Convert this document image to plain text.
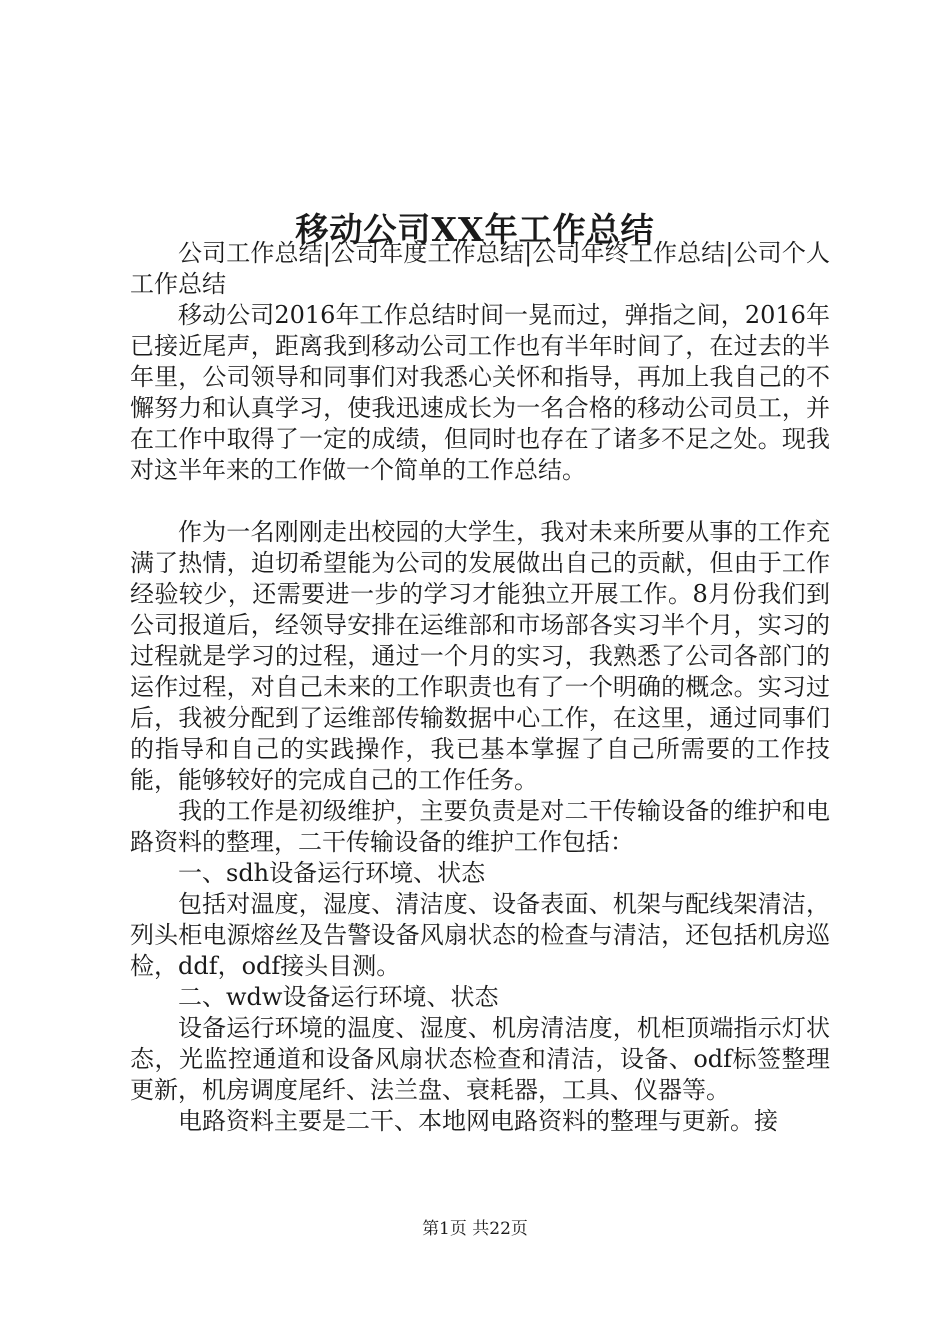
移动公司XX年工作总结

公司工作总结|公司年度工作总结|公司年终工作总结|公司个人工作总结

移动公司2016年工作总结时间一晃而过，弹指之间，2016年已接近尾声，距离我到移动公司工作也有半年时间了，在过去的半年里，公司领导和同事们对我悉心关怀和指导，再加上我自己的不懈努力和认真学习，使我迅速成长为一名合格的移动公司员工，并在工作中取得了一定的成绩，但同时也存在了诸多不足之处。现我对这半年来的工作做一个简单的工作总结。

作为一名刚刚走出校园的大学生，我对未来所要从事的工作充满了热情，迫切希望能为公司的发展做出自己的贡献，但由于工作经验较少，还需要进一步的学习才能独立开展工作。8月份我们到公司报道后，经领导安排在运维部和市场部各实习半个月，实习的过程就是学习的过程，通过一个月的实习，我熟悉了公司各部门的运作过程，对自己未来的工作职责也有了一个明确的概念。实习过后，我被分配到了运维部传输数据中心工作，在这里，通过同事们的指导和自己的实践操作，我已基本掌握了自己所需要的工作技能，能够较好的完成自己的工作任务。

我的工作是初级维护，主要负责是对二干传输设备的维护和电路资料的整理，二干传输设备的维护工作包括：

一、sdh设备运行环境、状态

包括对温度，湿度、清洁度、设备表面、机架与配线架清洁，列头柜电源熔丝及告警设备风扇状态的检查与清洁，还包括机房巡检，ddf，odf接头目测。

二、wdw设备运行环境、状态

设备运行环境的温度、湿度、机房清洁度，机柜顶端指示灯状态，光监控通道和设备风扇状态检查和清洁，设备、odf标签整理更新，机房调度尾纤、法兰盘、衰耗器，工具、仪器等。

电路资料主要是二干、本地网电路资料的整理与更新。接

第1页 共22页
